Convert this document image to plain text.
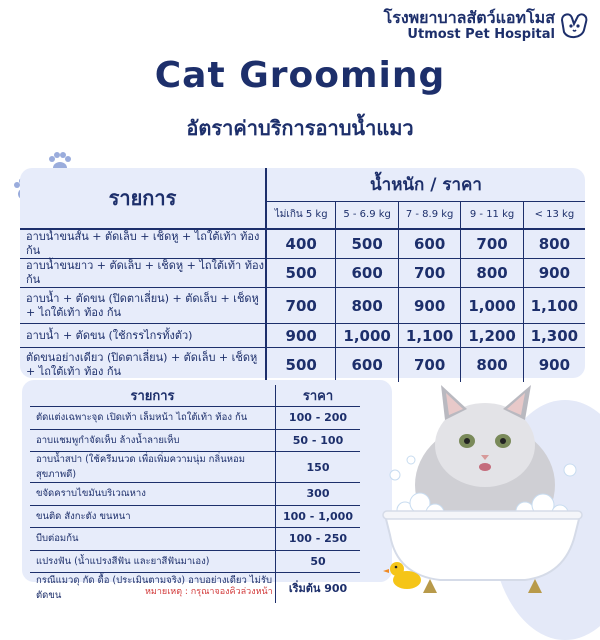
โรงพยาบาลสัตว์แอทโมส
Utmost Pet Hospital
Cat Grooming
อัตราค่าบริการอาบน้ำแมว
รายการ	น้ำหนัก / ราคา				
	ไม่เกิน 5 kg	5 - 6.9 kg	7 - 8.9 kg	9 - 11 kg	< 13 kg
อาบน้ำขนสั้น + ตัดเล็บ + เช็ดหู + ไถใต้เท้า ท้อง ก้น	400	500	600	700	800
อาบน้ำขนยาว + ตัดเล็บ + เช็ดหู + ไถใต้เท้า ท้อง ก้น	500	600	700	800	900
อาบน้ำ + ตัดขน (ปิดตาเลี่ยน) + ตัดเล็บ + เช็ดหู + ไถใต้เท้า ท้อง ก้น	700	800	900	1,000	1,100
อาบน้ำ + ตัดขน (ใช้กรรไกรทั้งตัว)	900	1,000	1,100	1,200	1,300
ตัดขนอย่างเดียว (ปิดตาเลี่ยน) + ตัดเล็บ + เช็ดหู + ไถใต้เท้า ท้อง ก้น	500	600	700	800	900
รายการ	ราคา
ตัดแต่งเฉพาะจุด เปิดเท้า เล็มหน้า ไถใต้เท้า ท้อง ก้น	100 - 200
อาบแชมพูกำจัดเห็บ ล้างน้ำลายเห็บ	50 - 100
อาบน้ำสปา (ใช้ครีมนวด เพื่อเพิ่มความนุ่ม กลิ่นหอมสุขภาพดี)	150
ขจัดคราบไขมันบริเวณหาง	300
ขนติด สังกะตัง ขนหนา	100 - 1,000
บีบต่อมก้น	100 - 250
แปรงฟัน (น้ำแปรงสีฟัน และยาสีฟันมาเอง)	50
กรณีแมวดุ กัด ดื้อ (ประเมินตามจริง) อาบอย่างเดียว ไม่รับตัดขน	เริ่มต้น 900
หมายเหตุ : กรุณาจองคิวล่วงหน้า
